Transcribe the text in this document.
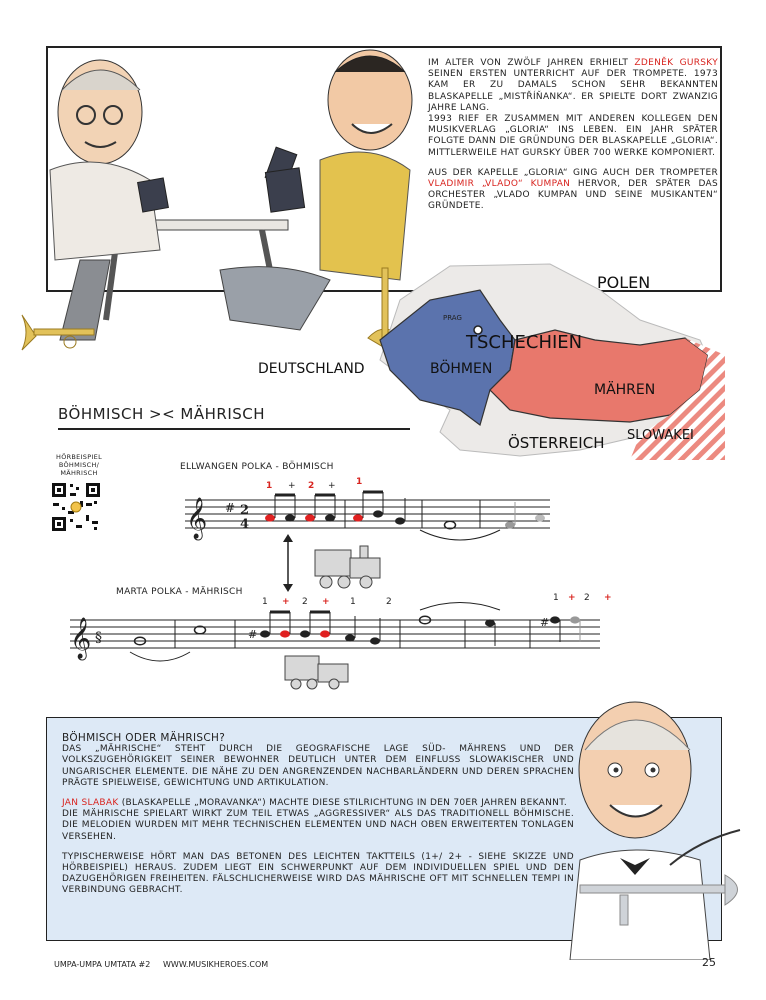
IM ALTER VON ZWÖLF JAHREN ERHIELT ZDENĚK GURSKY SEINEN ERSTEN UNTERRICHT AUF DER TROMPETE. 1973 KAM ER ZU DAMALS SCHON SEHR BEKANNTEN BLASKAPELLE „MISTŘÍŇANKA“. ER SPIELTE DORT ZWANZIG JAHRE LANG.
1993 RIEF ER ZUSAMMEN MIT ANDEREN KOLLEGEN DEN MUSIKVERLAG „GLORIA“ INS LEBEN. EIN JAHR SPÄTER FOLGTE DANN DIE GRÜNDUNG DER BLASKAPELLE „GLORIA“. MITTLERWEILE HAT GURSKY ÜBER 700 WERKE KOMPONIERT.

AUS DER KAPELLE „GLORIA“ GING AUCH DER TROMPETER VLADIMIR „VLADO“ KUMPAN HERVOR, DER SPÄTER DAS ORCHESTER „VLADO KUMPAN UND SEINE MUSIKANTEN“ GRÜNDETE.

PRAG
POLEN
TSCHECHIEN
DEUTSCHLAND	BÖHMEN
MÄHREN
ÖSTERREICH SLOWAKEI
BÖHMISCH >< MÄHRISCH
HÖRBEISPIEL BÖHMISCH/ MÄHRISCH
ELLWANGEN POLKA - BÖHMISCH
MARTA POLKA - MÄHRISCH
𝄞 # 2
4
1 + 2 + 1
𝄞 §	#
#
1 + 2 + 1	2	1 + 2 +
BÖHMISCH ODER MÄHRISCH?

DAS „MÄHRISCHE“ STEHT DURCH DIE GEOGRAFISCHE LAGE SÜD- MÄHRENS UND DER VOLKSZUGEHÖRIGKEIT SEINER BEWOHNER DEUTLICH UNTER DEM EINFLUSS SLOWAKISCHER UND UNGARISCHER ELEMENTE. DIE NÄHE ZU DEN ANGRENZENDEN NACHBARLÄNDERN UND DEREN SPRACHEN PRÄGTE SPIELWEISE, GEWICHTUNG UND ARTIKULATION.

JAN SLABAK (BLASKAPELLE „MORAVANKA“) MACHTE DIESE STILRICHTUNG IN DEN 70ER JAHREN BEKANNT.
DIE MÄHRISCHE SPIELART WIRKT ZUM TEIL ETWAS „AGGRESSIVER“ ALS DAS TRADITIONELL BÖHMISCHE. DIE MELODIEN WURDEN MIT MEHR TECHNISCHEN ELEMENTEN UND NACH OBEN ERWEITERTEN TONLAGEN VERSEHEN.

TYPISCHERWEISE HÖRT MAN DAS BETONEN DES LEICHTEN TAKTTEILS (1+/ 2+ - SIEHE SKIZZE UND HÖRBEISPIEL) HERAUS. ZUDEM LIEGT EIN SCHWERPUNKT AUF DEM INDIVIDUELLEN SPIEL UND DEN DAZUGEHÖRIGEN FREIHEITEN. FÄLSCHLICHERWEISE WIRD DAS MÄHRISCHE OFT MIT SCHNELLEN TEMPI IN VERBINDUNG GEBRACHT.

UMPA-UMPA UMTATA #2     WWW.MUSIKHEROES.COM	25
